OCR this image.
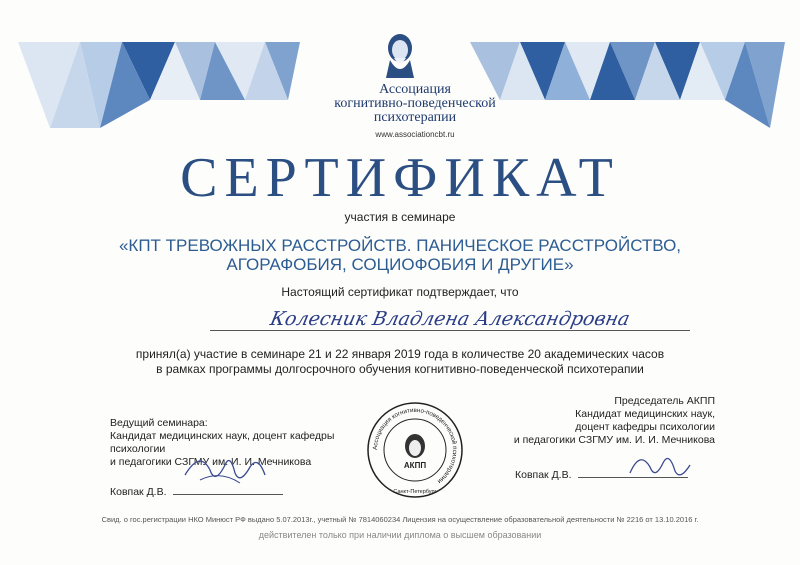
Ассоциация
когнитивно-поведенческой
психотерапии
www.associationcbt.ru
СЕРТИФИКАТ
участия в семинаре
«КПТ ТРЕВОЖНЫХ РАССТРОЙСТВ. ПАНИЧЕСКОЕ РАССТРОЙСТВО,
АГОРАФОБИЯ, СОЦИОФОБИЯ И ДРУГИЕ»
Настоящий сертификат подтверждает, что
Колесник Владлена Александровна
принял(а) участие в семинаре 21 и 22 января 2019 года в количестве 20 академических часов
в рамках программы долгосрочного обучения когнитивно-поведенческой психотерапии
Ведущий семинара:
Кандидат медицинских наук, доцент кафедры
психологии
и педагогики СЗГМУ им. И. И. Мечникова
Ковпак Д.В.
Ассоциация когнитивно-поведенческой психотерапии
АКПП
Санкт-Петербург
Председатель АКПП
Кандидат медицинских наук,
доцент кафедры психологии
и педагогики СЗГМУ им. И. И. Мечникова
Ковпак Д.В.
Свид. о гос.регистрации НКО Минюст РФ выдано 5.07.2013г., учетный № 7814060234 Лицензия на осуществление образовательной деятельности № 2216 от 13.10.2016 г.
действителен только при наличии диплома о высшем образовании
